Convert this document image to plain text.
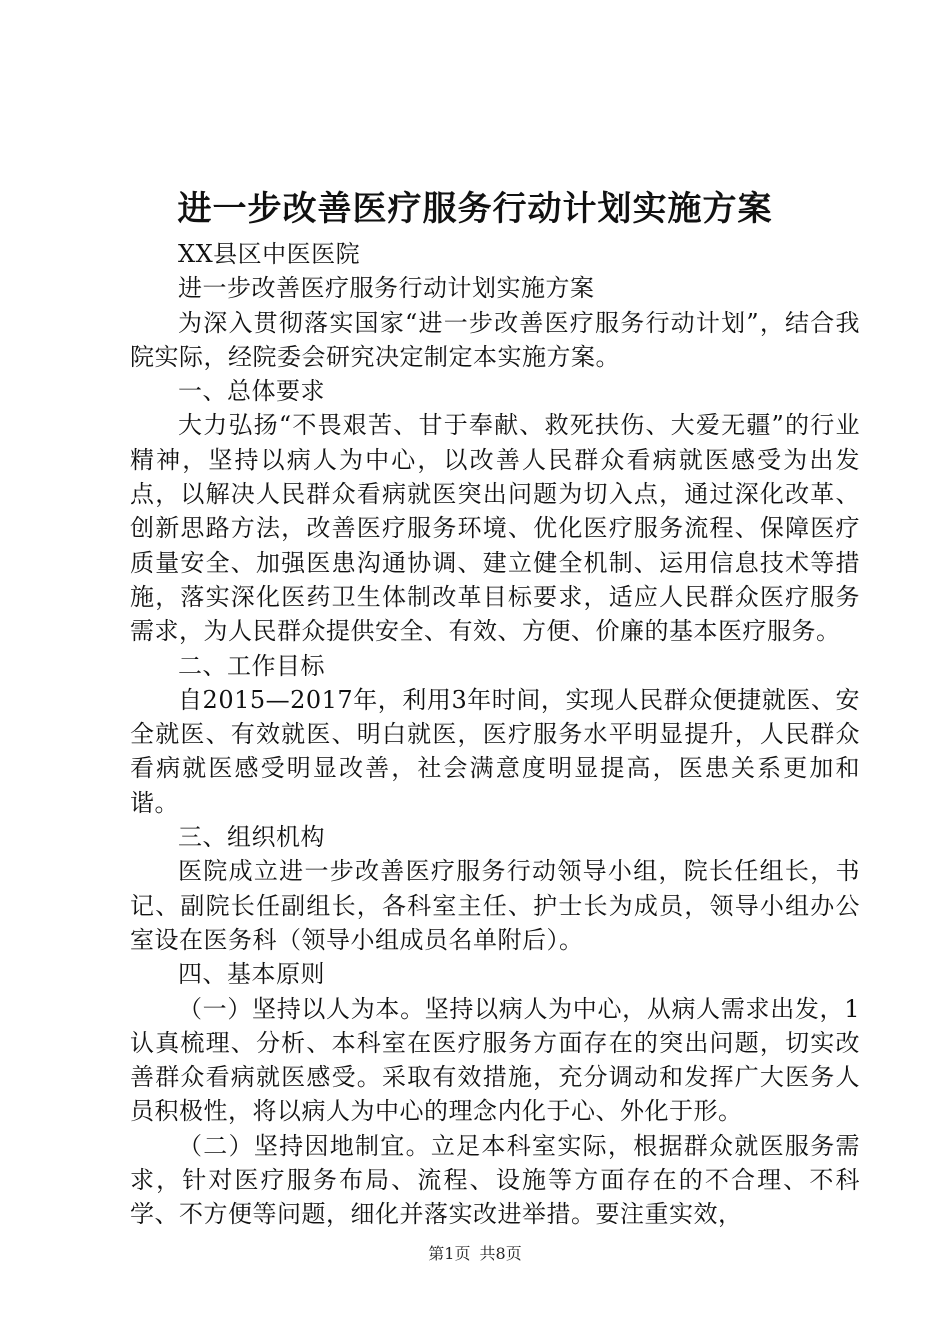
进一步改善医疗服务行动计划实施方案

XX县区中医医院

进一步改善医疗服务行动计划实施方案

为深入贯彻落实国家“进一步改善医疗服务行动计划”，结合我院实际，经院委会研究决定制定本实施方案。

一、总体要求

大力弘扬“不畏艰苦、甘于奉献、救死扶伤、大爱无疆”的行业精神，坚持以病人为中心，以改善人民群众看病就医感受为出发点，以解决人民群众看病就医突出问题为切入点，通过深化改革、创新思路方法，改善医疗服务环境、优化医疗服务流程、保障医疗质量安全、加强医患沟通协调、建立健全机制、运用信息技术等措施，落实深化医药卫生体制改革目标要求，适应人民群众医疗服务需求，为人民群众提供安全、有效、方便、价廉的基本医疗服务。

二、工作目标

自2015—2017年，利用3年时间，实现人民群众便捷就医、安全就医、有效就医、明白就医，医疗服务水平明显提升，人民群众看病就医感受明显改善，社会满意度明显提高，医患关系更加和谐。

三、组织机构

医院成立进一步改善医疗服务行动领导小组，院长任组长，书记、副院长任副组长，各科室主任、护士长为成员，领导小组办公室设在医务科（领导小组成员名单附后）。

四、基本原则

（一）坚持以人为本。坚持以病人为中心，从病人需求出发，1认真梳理、分析、本科室在医疗服务方面存在的突出问题，切实改善群众看病就医感受。采取有效措施，充分调动和发挥广大医务人员积极性，将以病人为中心的理念内化于心、外化于形。

（二）坚持因地制宜。立足本科室实际，根据群众就医服务需求，针对医疗服务布局、流程、设施等方面存在的不合理、不科学、不方便等问题，细化并落实改进举措。要注重实效，

第1页 共8页
